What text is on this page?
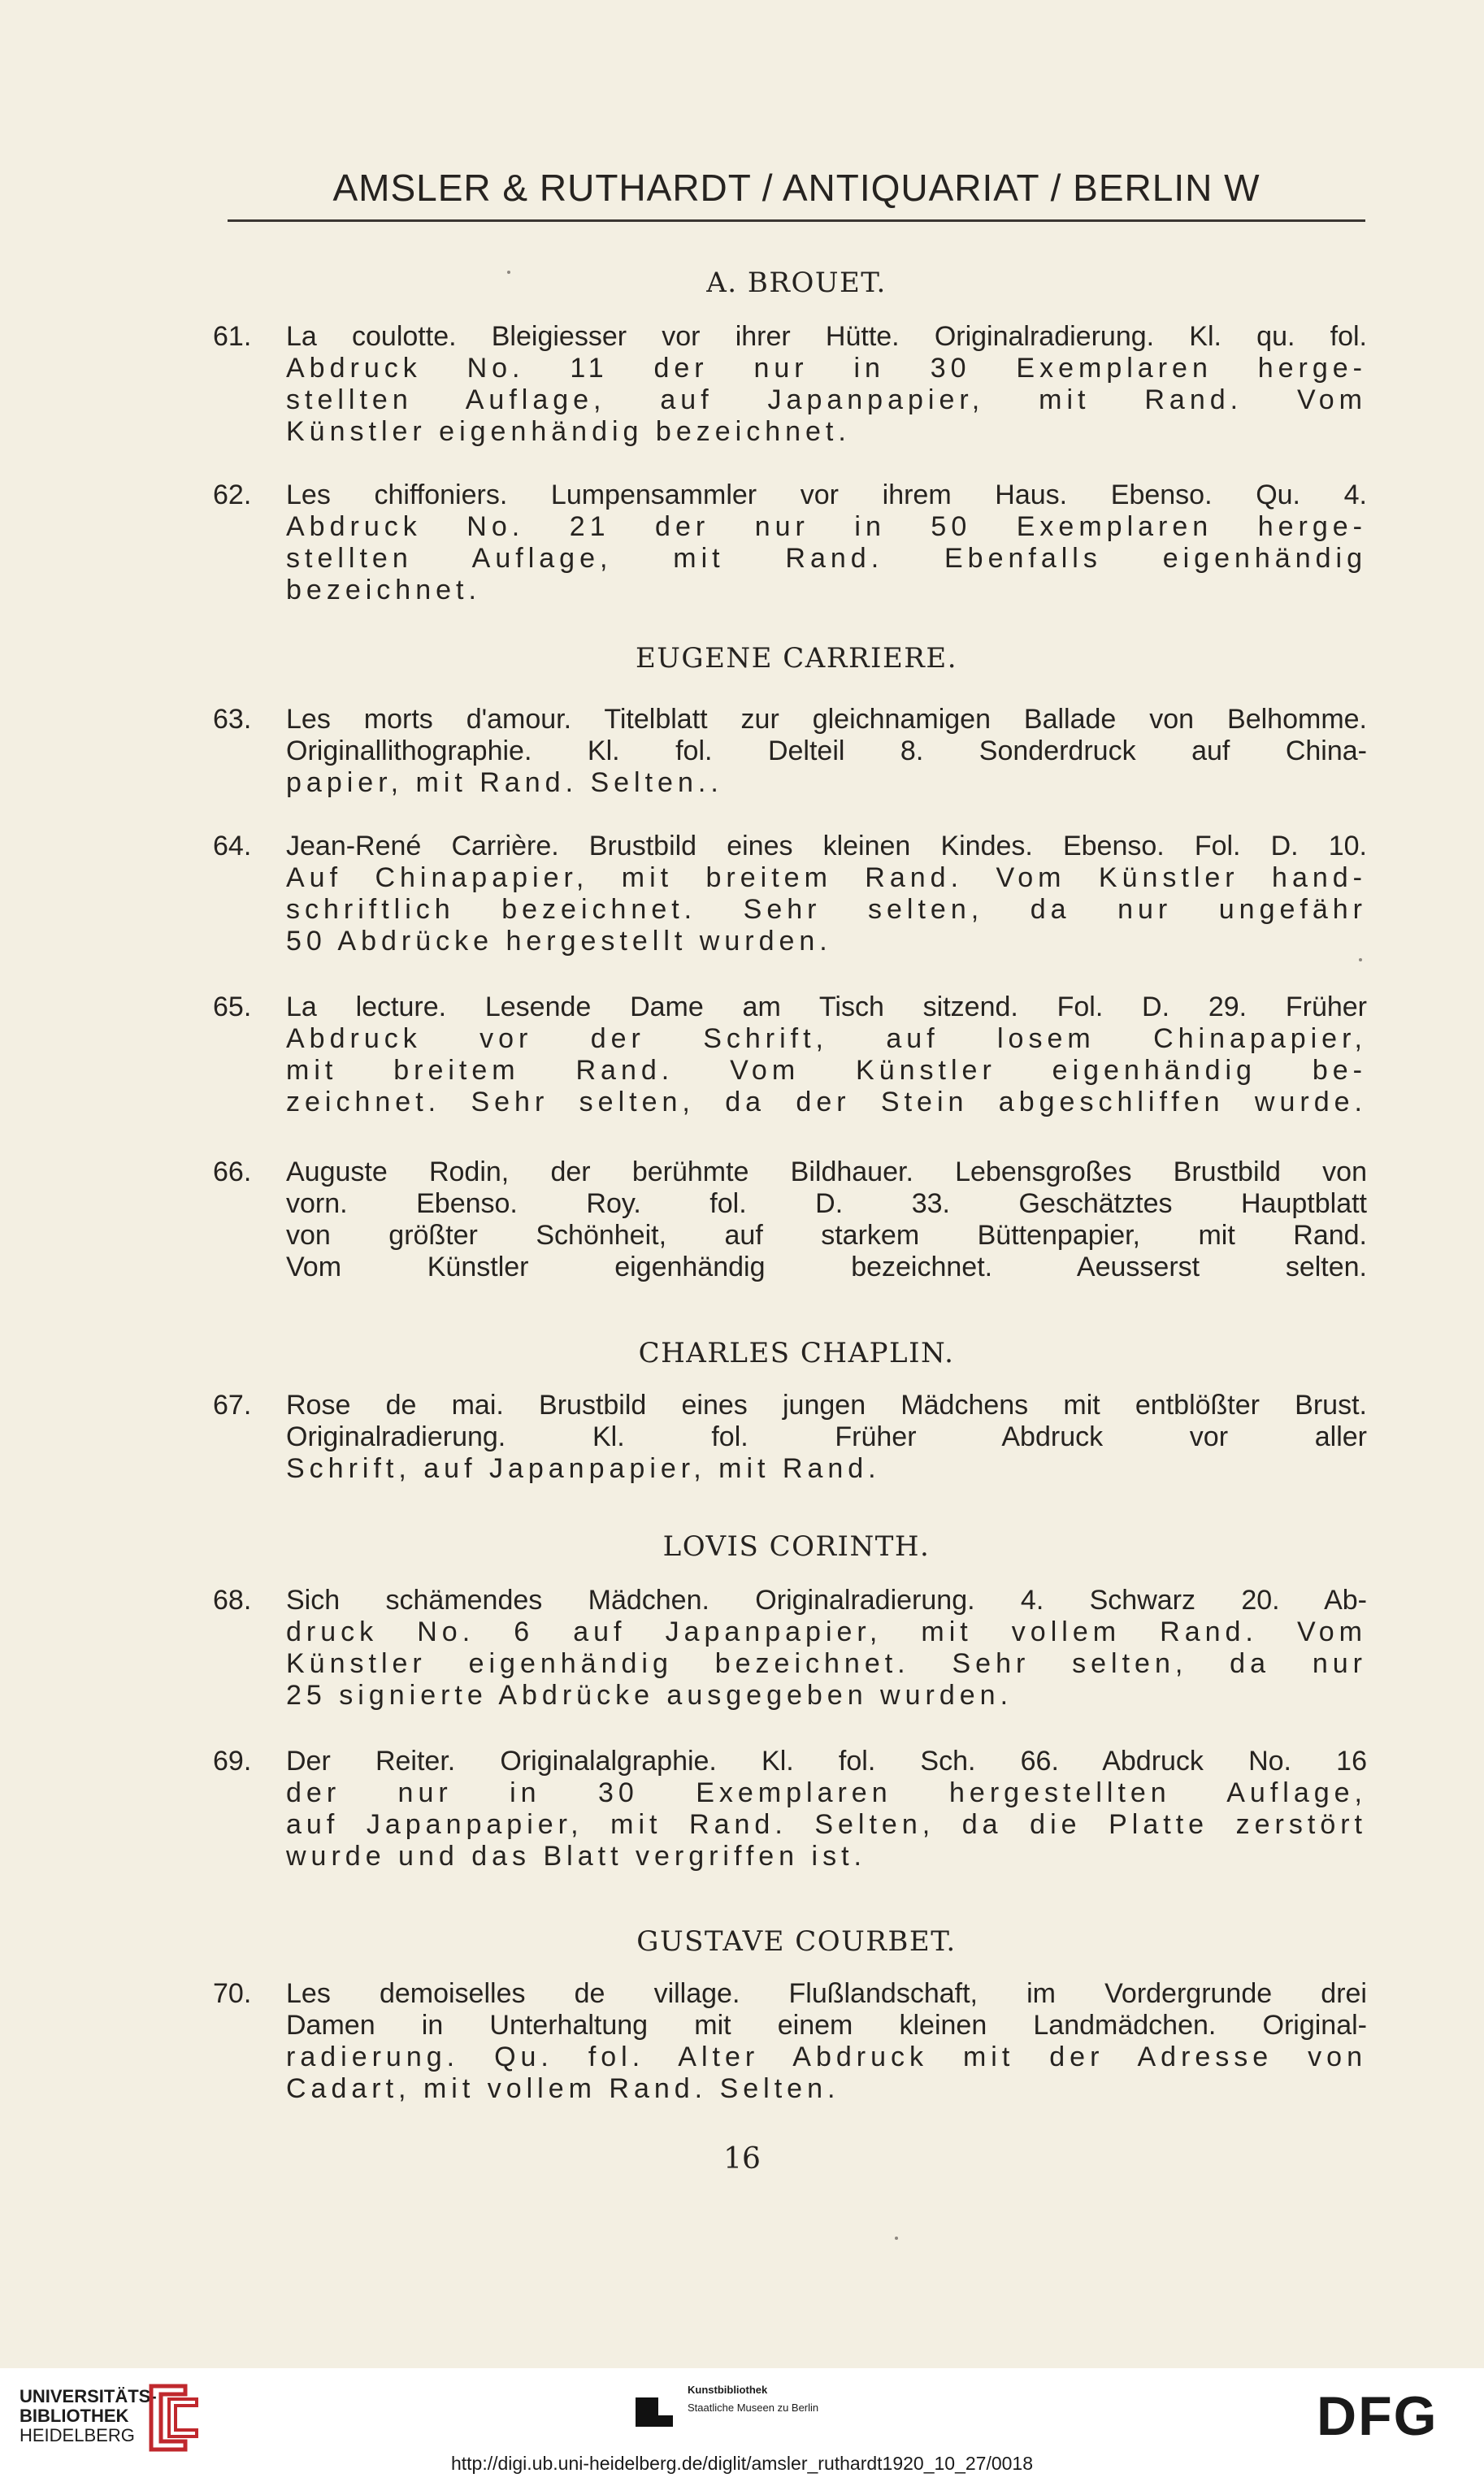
AMSLER & RUTHARDT / ANTIQUARIAT / BERLIN W
A. BROUET.
61.	La coulotte. Bleigiesser vor ihrer Hütte. Originalradierung. Kl. qu. fol.
Abdruck No. 11 der nur in 30 Exemplaren herge-
stellten Auflage, auf Japanpapier, mit Rand. Vom
Künstler eigenhändig bezeichnet.
62.	Les chiffoniers. Lumpensammler vor ihrem Haus. Ebenso. Qu. 4.
Abdruck No. 21 der nur in 50 Exemplaren herge-
stellten Auflage, mit Rand. Ebenfalls eigenhändig
bezeichnet.
EUGENE CARRIERE.
63.	Les morts d'amour. Titelblatt zur gleichnamigen Ballade von Belhomme.
Originallithographie. Kl. fol. Delteil 8. Sonderdruck auf China-
papier, mit Rand. Selten..
64.	Jean-René Carrière. Brustbild eines kleinen Kindes. Ebenso. Fol. D. 10.
Auf Chinapapier, mit breitem Rand. Vom Künstler hand-
schriftlich bezeichnet. Sehr selten, da nur ungefähr
50 Abdrücke hergestellt wurden.
65.	La lecture. Lesende Dame am Tisch sitzend. Fol. D. 29. Früher
Abdruck vor der Schrift, auf losem Chinapapier,
mit breitem Rand. Vom Künstler eigenhändig be-
zeichnet. Sehr selten, da der Stein abgeschliffen wurde.
66.	Auguste Rodin, der berühmte Bildhauer. Lebensgroßes Brustbild von
vorn. Ebenso. Roy. fol. D. 33. Geschätztes Hauptblatt
von größter Schönheit, auf starkem Büttenpapier, mit Rand.
Vom Künstler eigenhändig bezeichnet. Aeusserst selten.
CHARLES CHAPLIN.
67.	Rose de mai. Brustbild eines jungen Mädchens mit entblößter Brust.
Originalradierung. Kl. fol. Früher Abdruck vor aller
Schrift, auf Japanpapier, mit Rand.
LOVIS CORINTH.
68.	Sich schämendes Mädchen. Originalradierung. 4. Schwarz 20. Ab-
druck No. 6 auf Japanpapier, mit vollem Rand. Vom
Künstler eigenhändig bezeichnet. Sehr selten, da nur
25 signierte Abdrücke ausgegeben wurden.
69.	Der Reiter. Originalalgraphie. Kl. fol. Sch. 66. Abdruck No. 16
der nur in 30 Exemplaren hergestellten Auflage,
auf Japanpapier, mit Rand. Selten, da die Platte zerstört
wurde und das Blatt vergriffen ist.
GUSTAVE COURBET.
70.	Les demoiselles de village. Flußlandschaft, im Vordergrunde drei
Damen in Unterhaltung mit einem kleinen Landmädchen. Original-
radierung. Qu. fol. Alter Abdruck mit der Adresse von
Cadart, mit vollem Rand. Selten.
16
UNIVERSITÄTS-
BIBLIOTHEK
HEIDELBERG
Kunstbibliothek
Staatliche Museen zu Berlin	DFG
http://digi.ub.uni-heidelberg.de/diglit/amsler_ruthardt1920_10_27/0018
